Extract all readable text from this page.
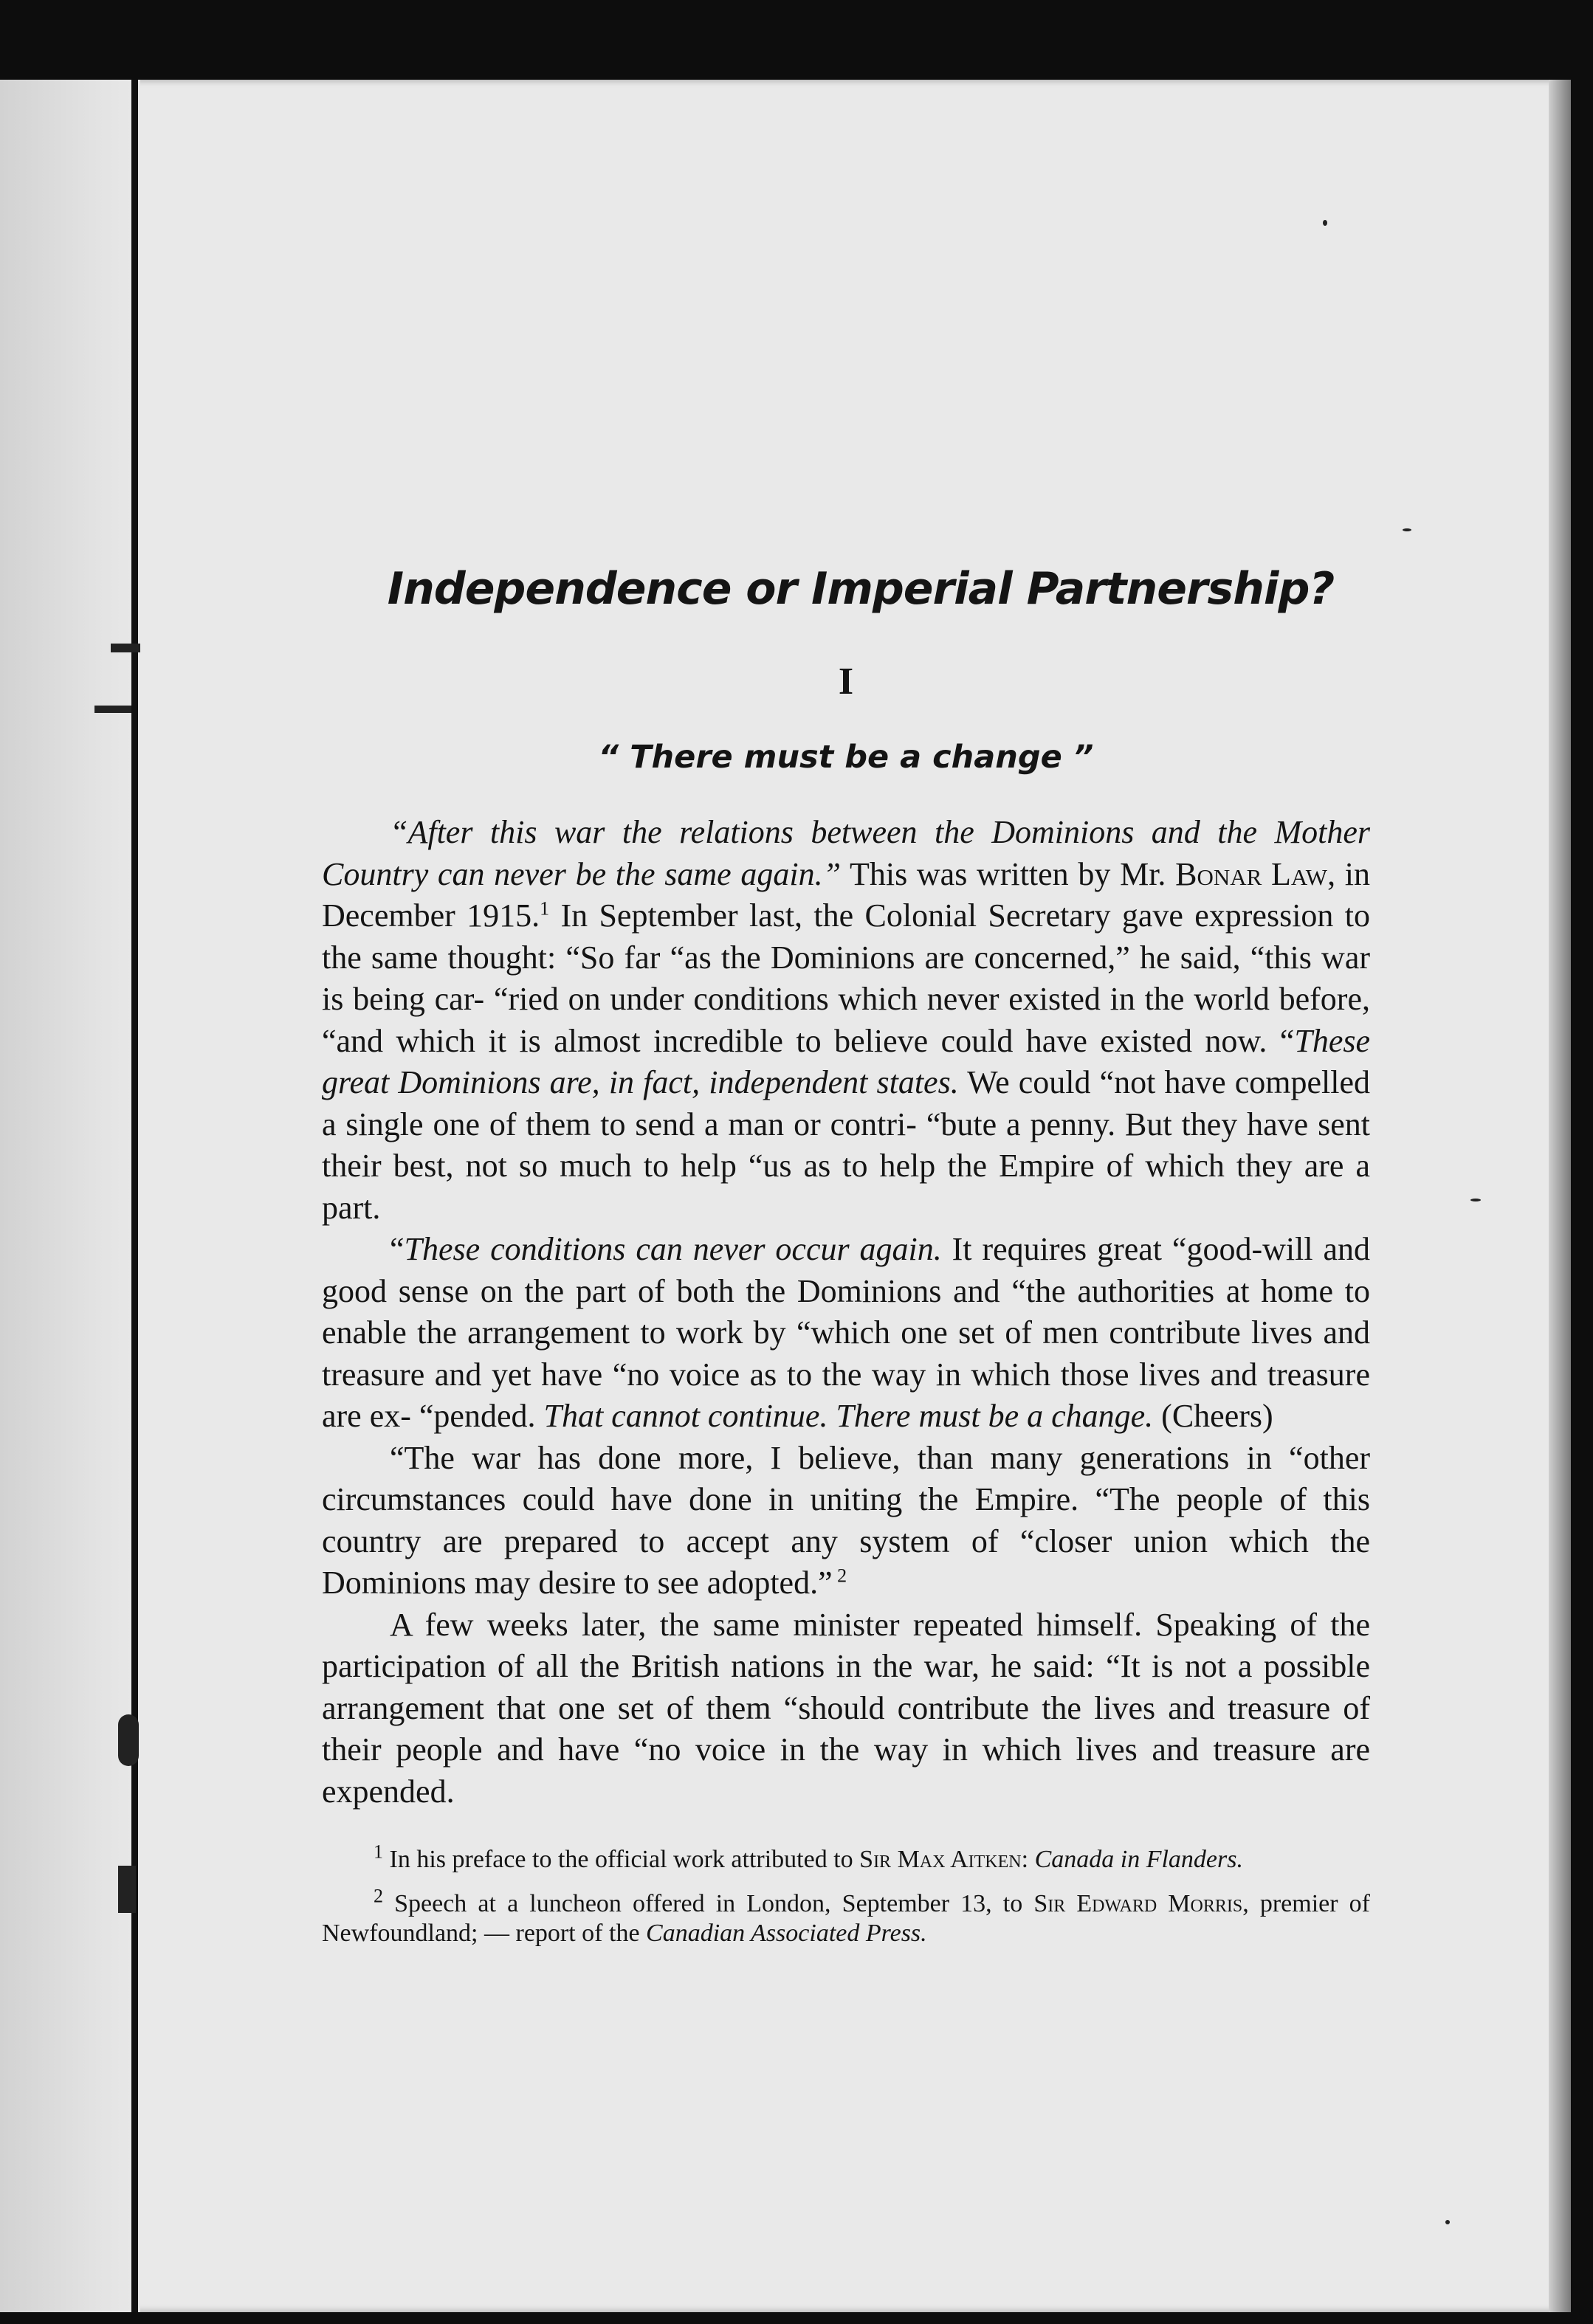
Independence or Imperial Partnership?
I
“ There must be a change ”

“After this war the relations between the Dominions and the Mother Country can never be the same again.” This was written by Mr. Bonar Law, in December 1915.$^1$ In September last, the Colonial Secretary gave expression to the same thought: “So far “as the Dominions are concerned,” he said, “this war is being car- “ried on under conditions which never existed in the world before, “and which it is almost incredible to believe could have existed now. “These great Dominions are, in fact, independent states. We could “not have compelled a single one of them to send a man or contri- “bute a penny. But they have sent their best, not so much to help “us as to help the Empire of which they are a part.

“These conditions can never occur again. It requires great “good-will and good sense on the part of both the Dominions and “the authorities at home to enable the arrangement to work by “which one set of men contribute lives and treasure and yet have “no voice as to the way in which those lives and treasure are ex- “pended. That cannot continue. There must be a change. (Cheers)

“The war has done more, I believe, than many generations in “other circumstances could have done in uniting the Empire. “The people of this country are prepared to accept any system of “closer union which the Dominions may desire to see adopted.” $^2$

A few weeks later, the same minister repeated himself. Speaking of the participation of all the British nations in the war, he said: “It is not a possible arrangement that one set of them “should contribute the lives and treasure of their people and have “no voice in the way in which lives and treasure are expended.

$^1$ In his preface to the official work attributed to Sir Max Aitken: Canada in Flanders.

$^2$ Speech at a luncheon offered in London, September 13, to Sir Edward Morris, premier of Newfoundland; — report of the Canadian Associated Press.
